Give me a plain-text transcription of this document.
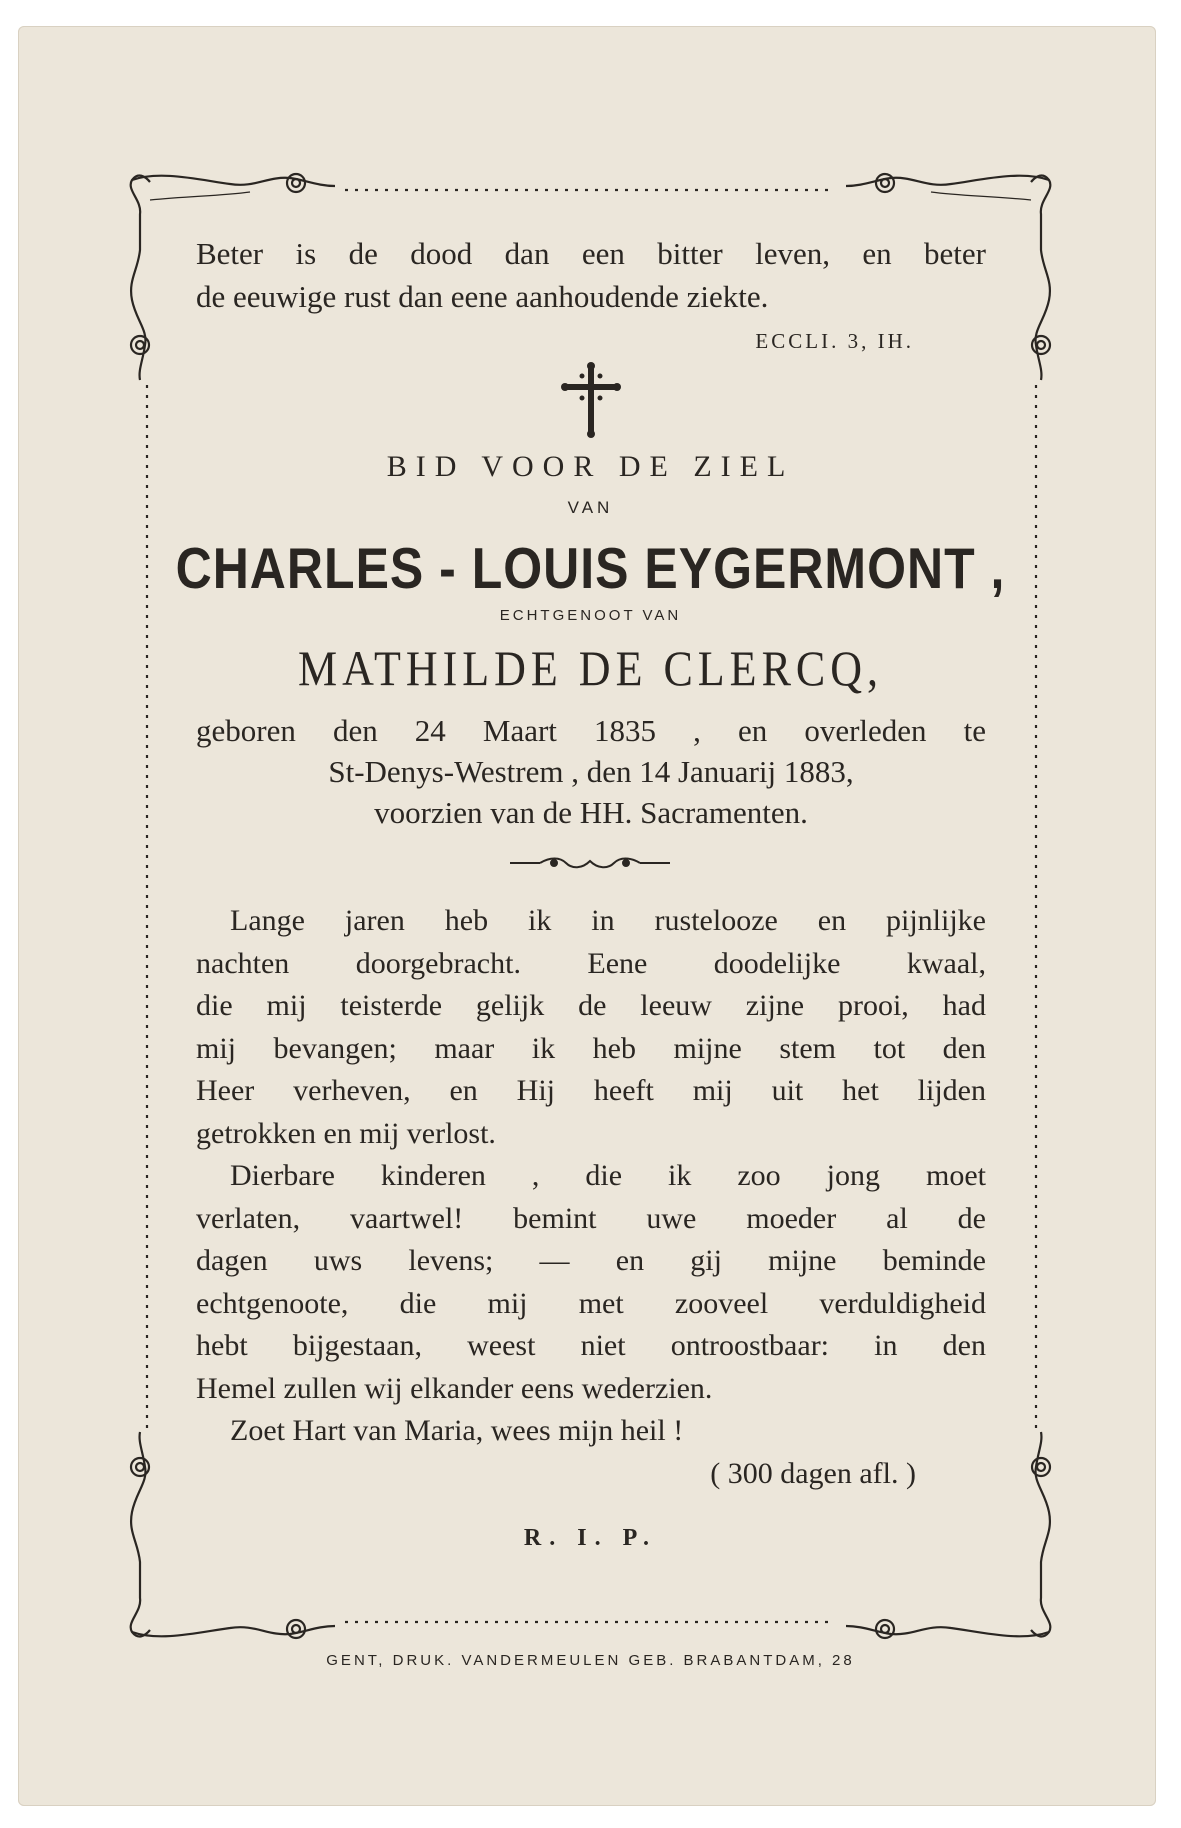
Beter is de dood dan een bitter leven, en beter
de eeuwige rust dan eene aanhoudende ziekte.
ECCLI. 3, IH.
BID VOOR DE ZIEL
VAN
CHARLES - LOUIS EYGERMONT ,
ECHTGENOOT VAN
MATHILDE DE CLERCQ,
geboren den 24 Maart 1835 , en overleden te
St-Denys-Westrem , den 14 Januarij 1883,
voorzien van de HH. Sacramenten.
Lange jaren heb ik in rustelooze en pijnlijke
nachten doorgebracht. Eene doodelijke kwaal,
die mij teisterde gelijk de leeuw zijne prooi, had
mij bevangen; maar ik heb mijne stem tot den
Heer verheven, en Hij heeft mij uit het lijden
getrokken en mij verlost.
Dierbare kinderen , die ik zoo jong moet
verlaten, vaartwel! bemint uwe moeder al de
dagen uws levens; — en gij mijne beminde
echtgenoote, die mij met zooveel verduldigheid
hebt bijgestaan, weest niet ontroostbaar: in den
Hemel zullen wij elkander eens wederzien.
Zoet Hart van Maria, wees mijn heil !
( 300 dagen afl. )
R. I. P.
GENT, DRUK. VANDERMEULEN GEB. BRABANTDAM, 28
